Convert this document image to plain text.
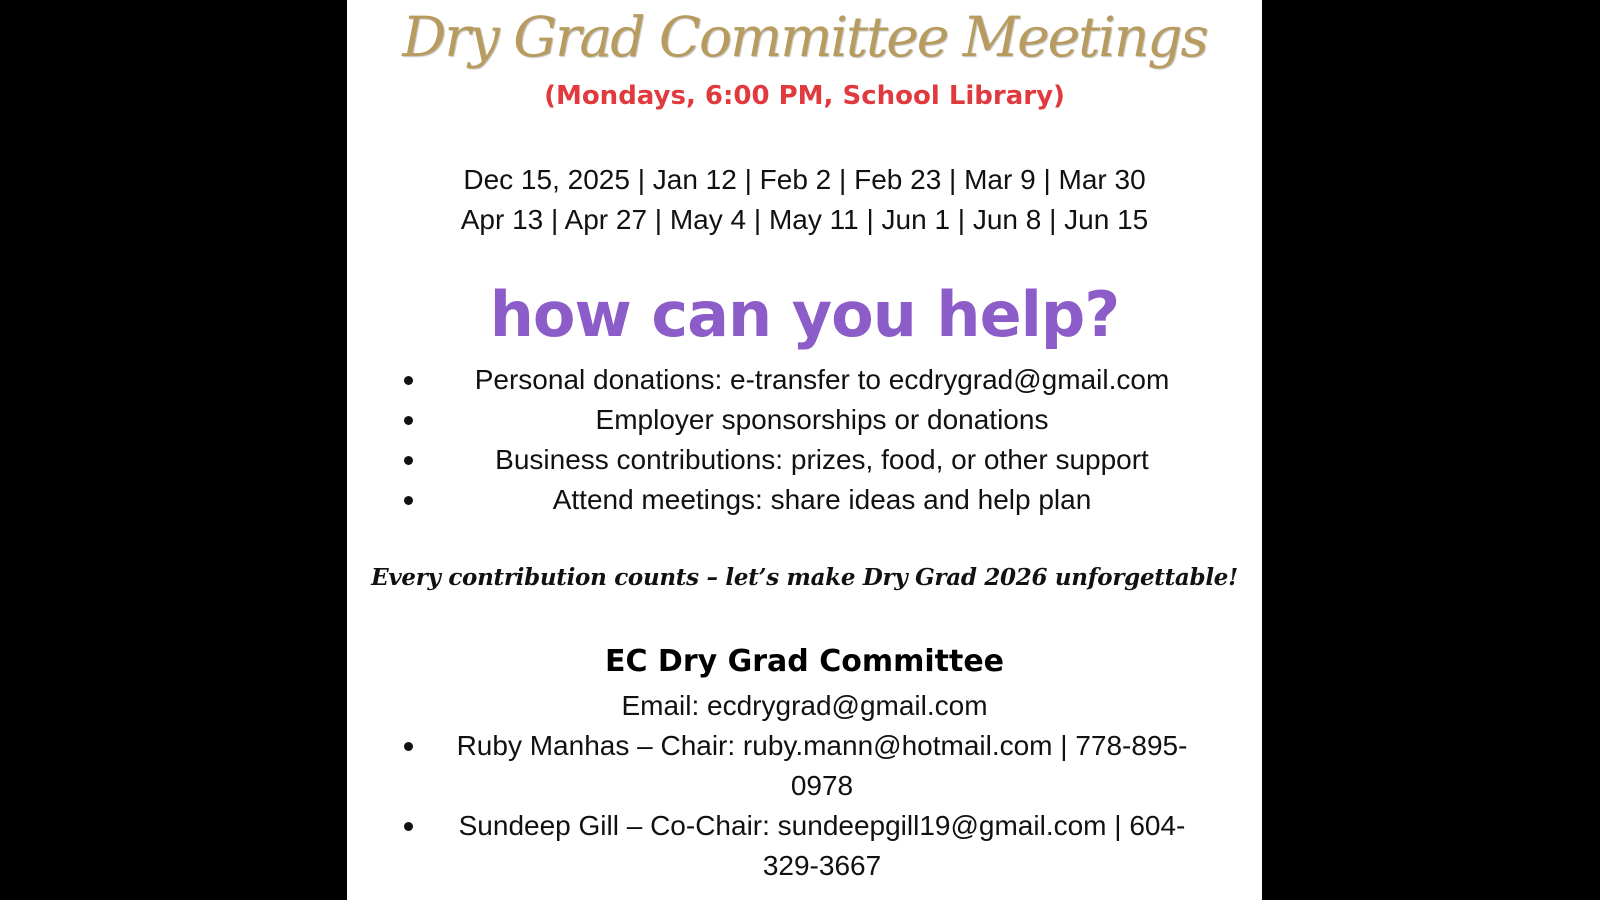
Dry Grad Committee Meetings
(Mondays, 6:00 PM, School Library)
Dec 15, 2025 | Jan 12 | Feb 2 | Feb 23 | Mar 9 | Mar 30
Apr 13 | Apr 27 | May 4 | May 11 | Jun 1 | Jun 8 | Jun 15
how can you help?
Personal donations: e-transfer to ecdrygrad@gmail.com
Employer sponsorships or donations
Business contributions: prizes, food, or other support
Attend meetings: share ideas and help plan
Every contribution counts – let’s make Dry Grad 2026 unforgettable!
EC Dry Grad Committee
Email: ecdrygrad@gmail.com
Ruby Manhas – Chair: ruby.mann@hotmail.com | 778-895-
0978
Sundeep Gill – Co-Chair: sundeepgill19@gmail.com | 604-
329-3667
